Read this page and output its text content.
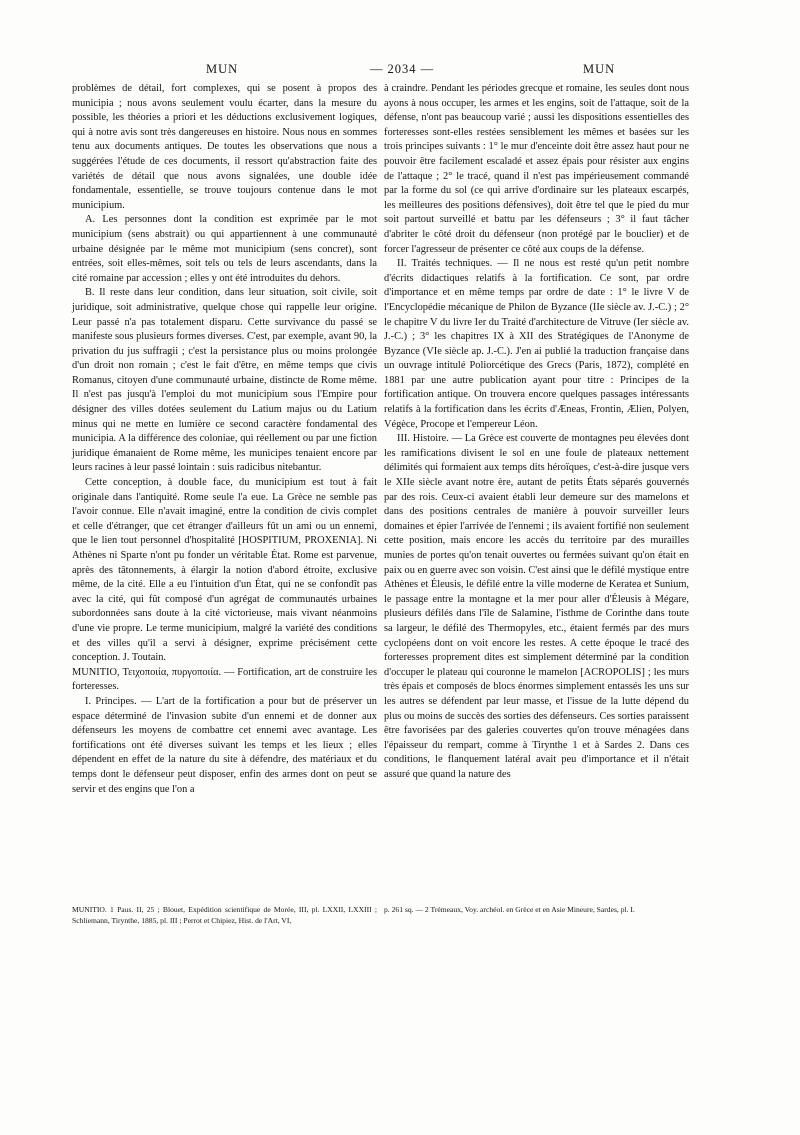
MUN	— 2034 —	MUN

problèmes de détail, fort complexes, qui se posent à propos des municipia ; nous avons seulement voulu écarter, dans la mesure du possible, les théories a priori et les déductions exclusivement logiques, qui à notre avis sont très dangereuses en histoire. Nous nous en sommes tenu aux documents antiques. De toutes les observations que nous a suggérées l'étude de ces documents, il ressort qu'abstraction faite des variétés de détail que nous avons signalées, une double idée fondamentale, essentielle, se trouve toujours contenue dans le mot municipium.

A. Les personnes dont la condition est exprimée par le mot municipium (sens abstrait) ou qui appartiennent à une communauté urbaine désignée par le même mot municipium (sens concret), sont entrées, soit elles-mêmes, soit tels ou tels de leurs ascendants, dans la cité romaine par accession ; elles y ont été introduites du dehors.

B. Il reste dans leur condition, dans leur situation, soit civile, soit juridique, soit administrative, quelque chose qui rappelle leur origine. Leur passé n'a pas totalement disparu. Cette survivance du passé se manifeste sous plusieurs formes diverses. C'est, par exemple, avant 90, la privation du jus suffragii ; c'est la persistance plus ou moins prolongée d'un droit non romain ; c'est le fait d'être, en même temps que civis Romanus, citoyen d'une communauté urbaine, distincte de Rome même. Il n'est pas jusqu'à l'emploi du mot municipium sous l'Empire pour désigner des villes dotées seulement du Latium majus ou du Latium minus qui ne mette en lumière ce second caractère fondamental des municipia. A la différence des coloniae, qui réellement ou par une fiction juridique émanaient de Rome même, les municipes tenaient encore par leurs racines à leur passé lointain : suis radicibus nitebantur.

Cette conception, à double face, du municipium est tout à fait originale dans l'antiquité. Rome seule l'a eue. La Grèce ne semble pas l'avoir connue. Elle n'avait imaginé, entre la condition de civis complet et celle d'étranger, que cet étranger d'ailleurs fût un ami ou un ennemi, que le lien tout personnel d'hospitalité [HOSPITIUM, PROXENIA]. Ni Athènes ni Sparte n'ont pu fonder un véritable État. Rome est parvenue, après des tâtonnements, à élargir la notion d'abord étroite, exclusive même, de la cité. Elle a eu l'intuition d'un État, qui ne se confondît pas avec la cité, qui fût composé d'un agrégat de communautés urbaines subordonnées sans doute à la cité victorieuse, mais vivant néanmoins d'une vie propre. Le terme municipium, malgré la variété des conditions et des villes qu'il a servi à désigner, exprime précisément cette conception. J. Toutain.

MUNITIO, Τειχοποιία, πυργοποιία. — Fortification, art de construire les forteresses.

I. Principes. — L'art de la fortification a pour but de préserver un espace déterminé de l'invasion subite d'un ennemi et de donner aux défenseurs les moyens de combattre cet ennemi avec avantage. Les fortifications ont été diverses suivant les temps et les lieux ; elles dépendent en effet de la nature du site à défendre, des matériaux et du temps dont le défenseur peut disposer, enfin des armes dont on peut se servir et des engins que l'on a

à craindre. Pendant les périodes grecque et romaine, les seules dont nous ayons à nous occuper, les armes et les engins, soit de l'attaque, soit de la défense, n'ont pas beaucoup varié ; aussi les dispositions essentielles des forteresses sont-elles restées sensiblement les mêmes et basées sur les trois principes suivants : 1° le mur d'enceinte doit être assez haut pour ne pouvoir être facilement escaladé et assez épais pour résister aux engins de l'attaque ; 2° le tracé, quand il n'est pas impérieusement commandé par la forme du sol (ce qui arrive d'ordinaire sur les plateaux escarpés, les meilleures des positions défensives), doit être tel que le pied du mur soit partout surveillé et battu par les défenseurs ; 3° il faut tâcher d'abriter le côté droit du défenseur (non protégé par le bouclier) et de forcer l'agresseur de présenter ce côté aux coups de la défense.

II. Traités techniques. — Il ne nous est resté qu'un petit nombre d'écrits didactiques relatifs à la fortification. Ce sont, par ordre d'importance et en même temps par ordre de date : 1° le livre V de l'Encyclopédie mécanique de Philon de Byzance (IIe siècle av. J.-C.) ; 2° le chapitre V du livre Ier du Traité d'architecture de Vitruve (Ier siècle av. J.-C.) ; 3° les chapitres IX à XII des Stratégiques de l'Anonyme de Byzance (VIe siècle ap. J.-C.). J'en ai publié la traduction française dans un ouvrage intitulé Poliorcétique des Grecs (Paris, 1872), complété en 1881 par une autre publication ayant pour titre : Principes de la fortification antique. On trouvera encore quelques passages intéressants relatifs à la fortification dans les écrits d'Æneas, Frontin, Ælien, Polyen, Végèce, Procope et l'empereur Léon.

III. Histoire. — La Grèce est couverte de montagnes peu élevées dont les ramifications divisent le sol en une foule de plateaux nettement délimités qui formaient aux temps dits héroïques, c'est-à-dire jusque vers le XIIe siècle avant notre ère, autant de petits États séparés gouvernés par des rois. Ceux-ci avaient établi leur demeure sur des mamelons et dans des positions centrales de manière à pouvoir surveiller leurs domaines et épier l'arrivée de l'ennemi ; ils avaient fortifié non seulement cette position, mais encore les accès du territoire par des murailles munies de portes qu'on tenait ouvertes ou fermées suivant qu'on était en paix ou en guerre avec son voisin. C'est ainsi que le défilé mystique entre Athènes et Éleusis, le défilé entre la ville moderne de Keratea et Sunium, le passage entre la montagne et la mer pour aller d'Éleusis à Mégare, plusieurs défilés dans l'île de Salamine, l'isthme de Corinthe dans toute sa largeur, le défilé des Thermopyles, etc., étaient fermés par des murs cyclopéens dont on voit encore les restes. A cette époque le tracé des forteresses proprement dites est simplement déterminé par la condition d'occuper le plateau qui couronne le mamelon [ACROPOLIS] ; les murs très épais et composés de blocs énormes simplement entassés les uns sur les autres se défendent par leur masse, et l'issue de la lutte dépend du plus ou moins de succès des sorties des défenseurs. Ces sorties paraissent être favorisées par des galeries couvertes qu'on trouve ménagées dans l'épaisseur du rempart, comme à Tirynthe 1 et à Sardes 2. Dans ces conditions, le flanquement latéral avait peu d'importance et il n'était assuré que quand la nature des

MUNITIO. 1 Paus. II, 25 ; Blouet, Expédition scientifique de Morée, III, pl. LXXII, LXXIII ; Schliemann, Tirynthe, 1885, pl. III ; Perrot et Chipiez, Hist. de l'Art, VI,

p. 261 sq. — 2 Trémeaux, Voy. archéol. en Grèce et en Asie Mineure, Sardes, pl. I.
